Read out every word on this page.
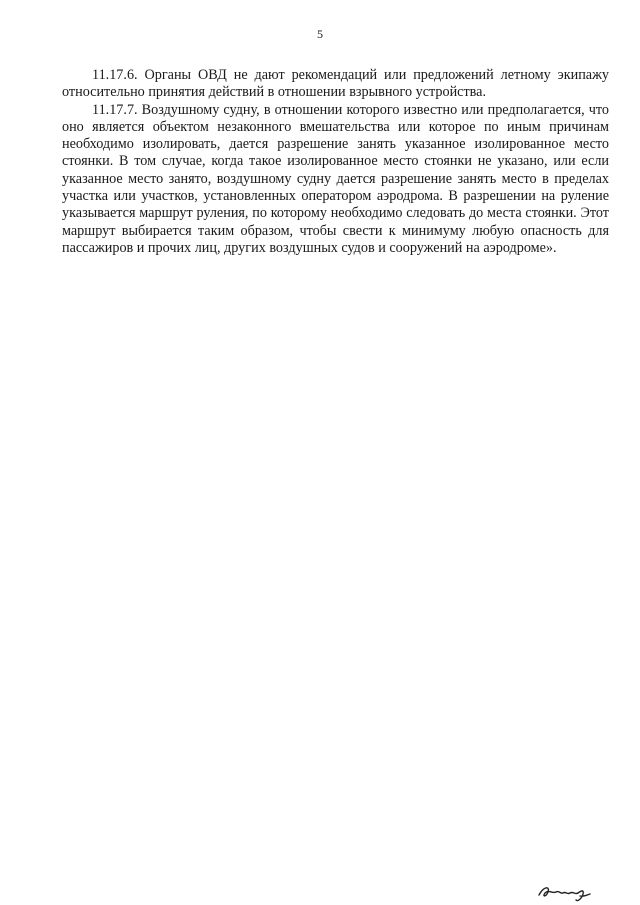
5

11.17.6. Органы ОВД не дают рекомендаций или предложений летному экипажу относительно принятия действий в отношении взрывного устройства.

11.17.7. Воздушному судну, в отношении которого известно или предполагается, что оно является объектом незаконного вмешательства или которое по иным причинам необходимо изолировать, дается разрешение занять указанное изолированное место стоянки. В том случае, когда такое изолированное место стоянки не указано, или если указанное место занято, воздушному судну дается разрешение занять место в пределах участка или участков, установленных оператором аэродрома. В разрешении на руление указывается маршрут руления, по которому необходимо следовать до места стоянки. Этот маршрут выбирается таким образом, чтобы свести к минимуму любую опасность для пассажиров и прочих лиц, других воздушных судов и сооружений на аэродроме».
